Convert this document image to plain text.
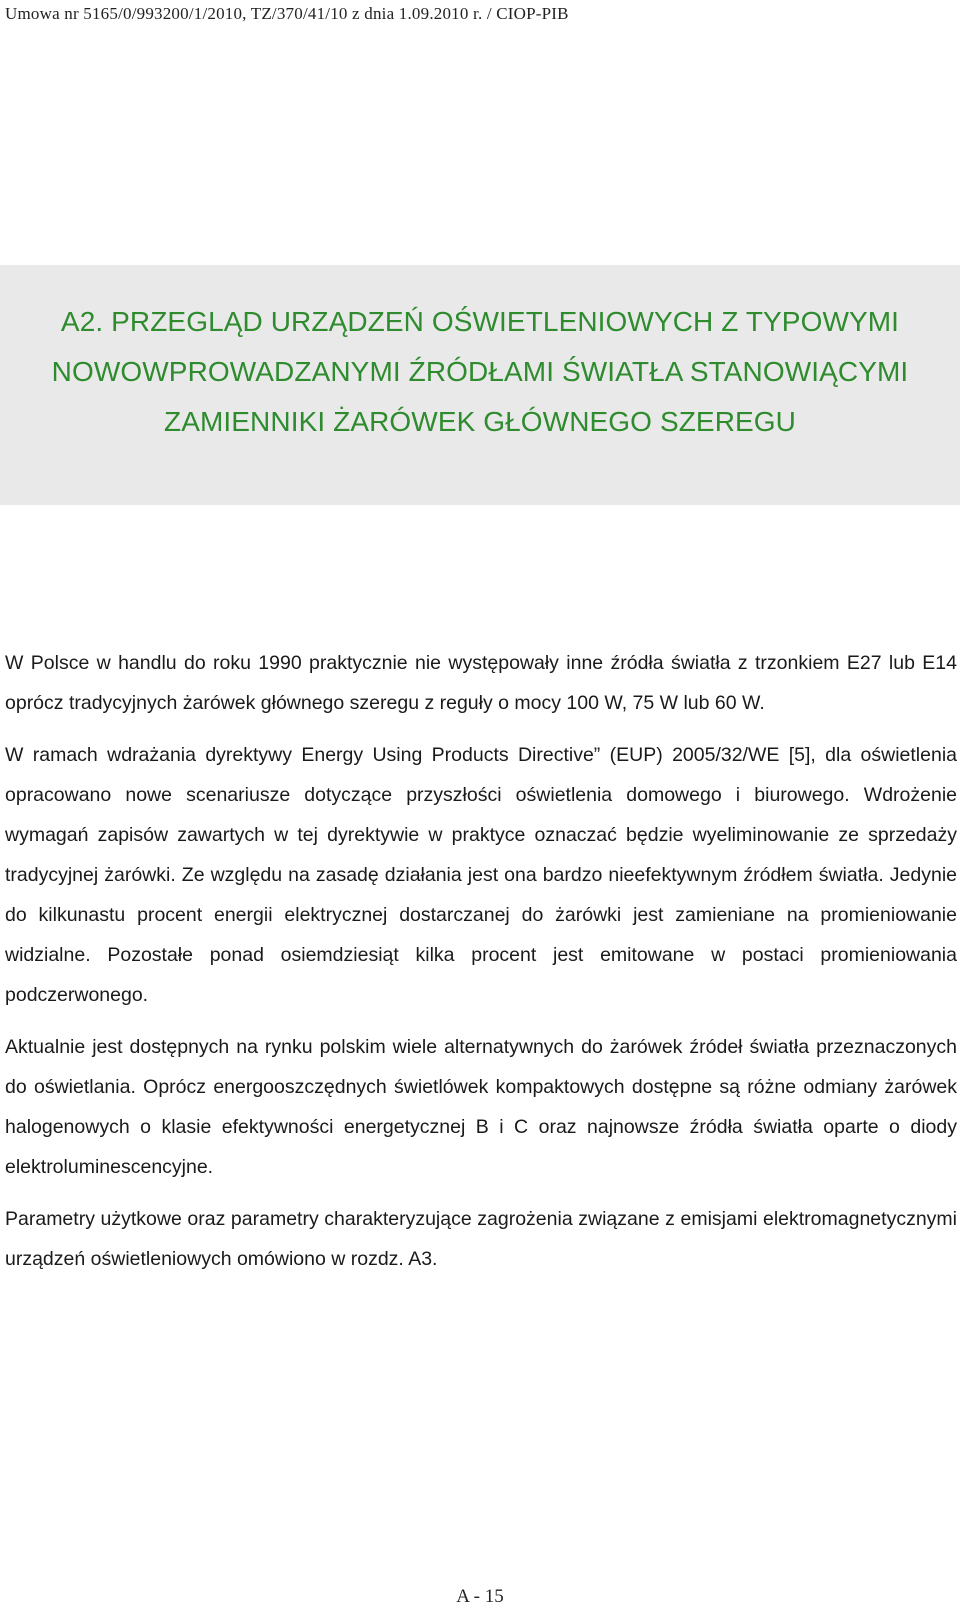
Umowa nr 5165/0/993200/1/2010, TZ/370/41/10 z dnia 1.09.2010 r. / CIOP-PIB
A2. PRZEGLĄD URZĄDZEŃ OŚWIETLENIOWYCH Z TYPOWYMI
NOWOWPROWADZANYMI ŹRÓDŁAMI ŚWIATŁA STANOWIĄCYMI
ZAMIENNIKI ŻARÓWEK GŁÓWNEGO SZEREGU

W Polsce w handlu do roku 1990 praktycznie nie występowały inne źródła światła z trzonkiem E27 lub E14 oprócz tradycyjnych żarówek głównego szeregu z reguły o mocy 100 W, 75 W lub 60 W.

W ramach wdrażania dyrektywy Energy Using Products Directive” (EUP) 2005/32/WE [5], dla oświetlenia opracowano nowe scenariusze dotyczące przyszłości oświetlenia domowego i biurowego. Wdrożenie wymagań zapisów zawartych w tej dyrektywie w praktyce oznaczać będzie wyeliminowanie ze sprzedaży tradycyjnej żarówki. Ze względu na zasadę działania jest ona bardzo nieefektywnym źródłem światła. Jedynie do kilkunastu procent energii elektrycznej dostarczanej do żarówki jest zamieniane na promieniowanie widzialne. Pozostałe ponad osiemdziesiąt kilka procent jest emitowane w postaci promieniowania podczerwonego.

Aktualnie jest dostępnych na rynku polskim wiele alternatywnych do żarówek źródeł światła przeznaczonych do oświetlania. Oprócz energooszczędnych świetlówek kompaktowych dostępne są różne odmiany żarówek halogenowych o klasie efektywności energetycznej B i C oraz najnowsze źródła światła oparte o diody elektroluminescencyjne.

Parametry użytkowe oraz parametry charakteryzujące zagrożenia związane z emisjami elektromagnetycznymi urządzeń oświetleniowych omówiono w rozdz. A3.

A - 15
